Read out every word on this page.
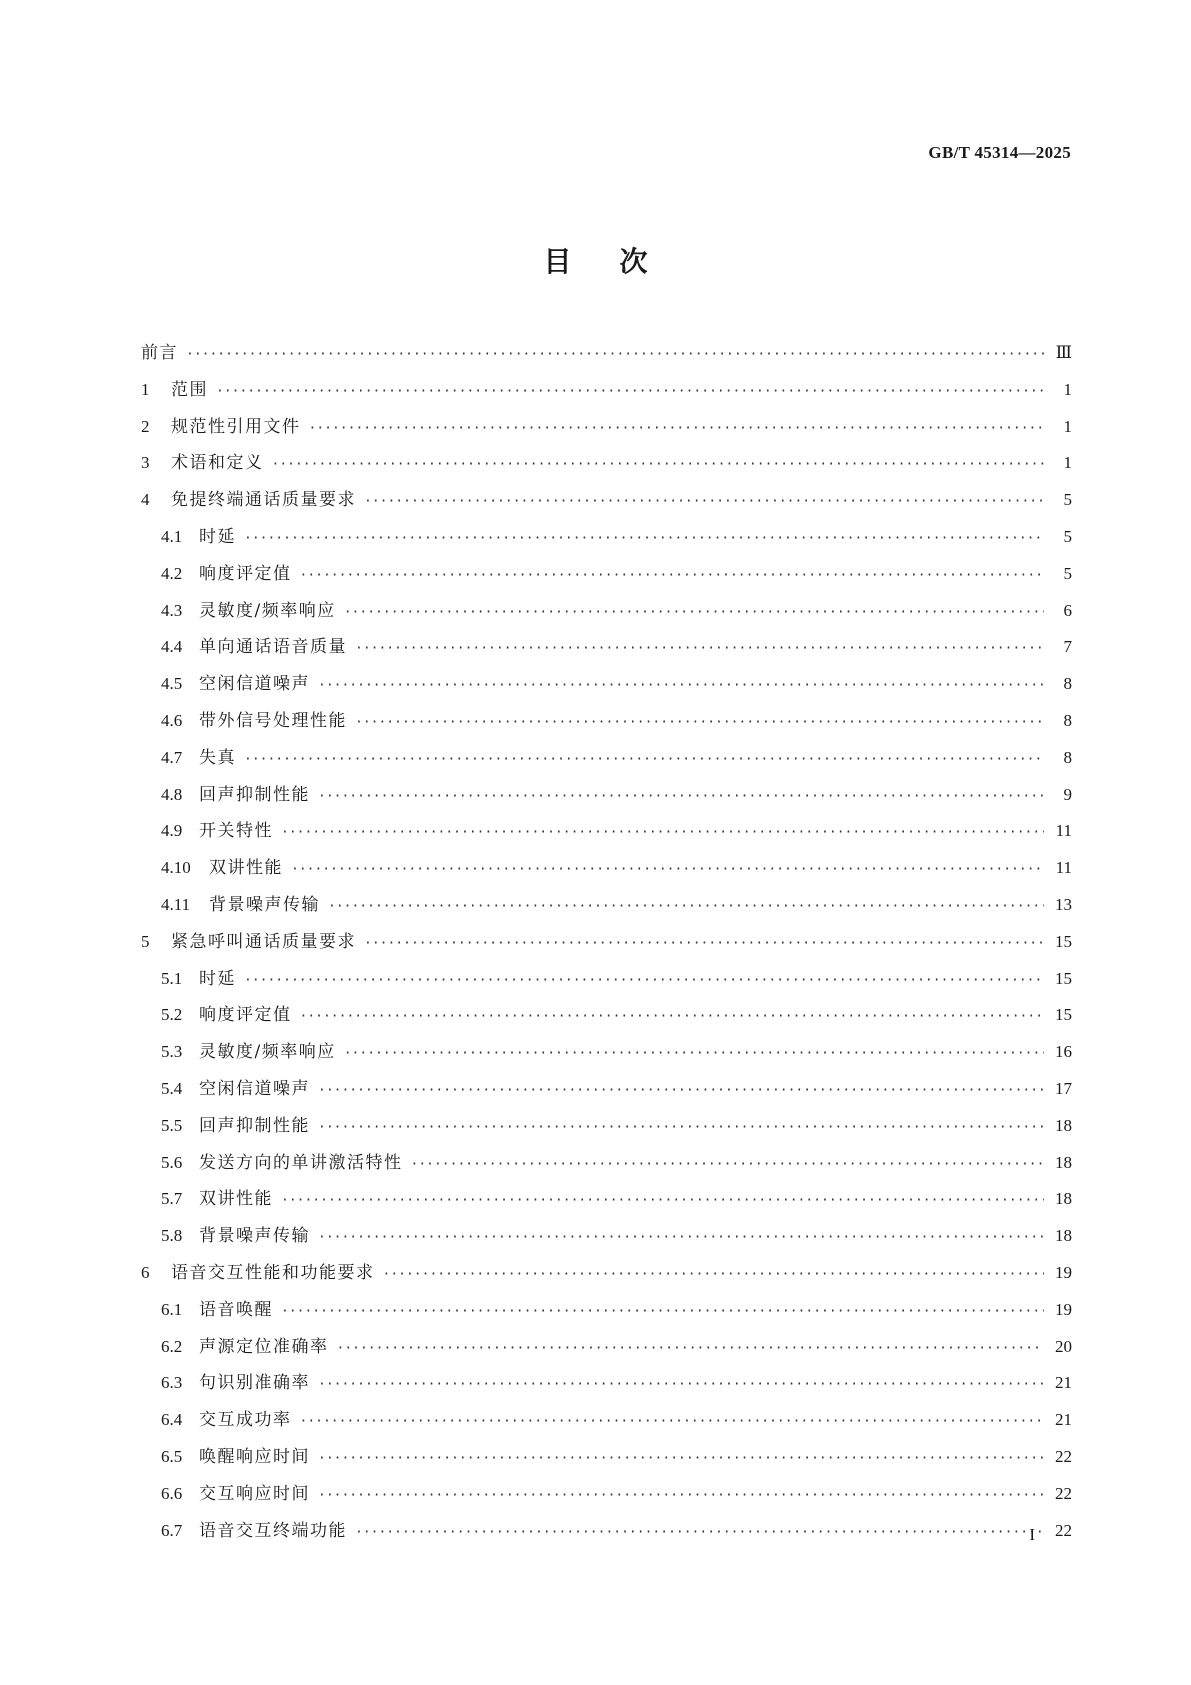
GB/T 45314—2025
目次
前言 ·····	Ⅲ
1	范围 ·····	1
2	规范性引用文件 ·····	1
3	术语和定义 ·····	1
4	免提终端通话质量要求 ·····	5
4.1 时延 ·····	5
4.2 响度评定值 ·····	5
4.3 灵敏度/频率响应 ·····	6
4.4 单向通话语音质量 ·····	7
4.5 空闲信道噪声 ·····	8
4.6 带外信号处理性能 ·····	8
4.7 失真 ·····	8
4.8 回声抑制性能 ·····	9
4.9 开关特性 ·····	11
4.10	双讲性能 ·····	11
4.11	背景噪声传输 ·····	13
5	紧急呼叫通话质量要求 ·····	15
5.1 时延 ·····	15
5.2 响度评定值 ·····	15
5.3 灵敏度/频率响应 ·····	16
5.4 空闲信道噪声 ·····	17
5.5 回声抑制性能 ·····	18
5.6 发送方向的单讲激活特性 ·····	18
5.7 双讲性能 ·····	18
5.8 背景噪声传输 ·····	18
6	语音交互性能和功能要求 ·····	19
6.1 语音唤醒 ·····	19
6.2 声源定位准确率 ·····	20
6.3 句识别准确率 ·····	21
6.4 交互成功率 ·····	21
6.5 唤醒响应时间 ·····	22
6.6 交互响应时间 ·····	22
6.7 语音交互终端功能 ·····	22
I
